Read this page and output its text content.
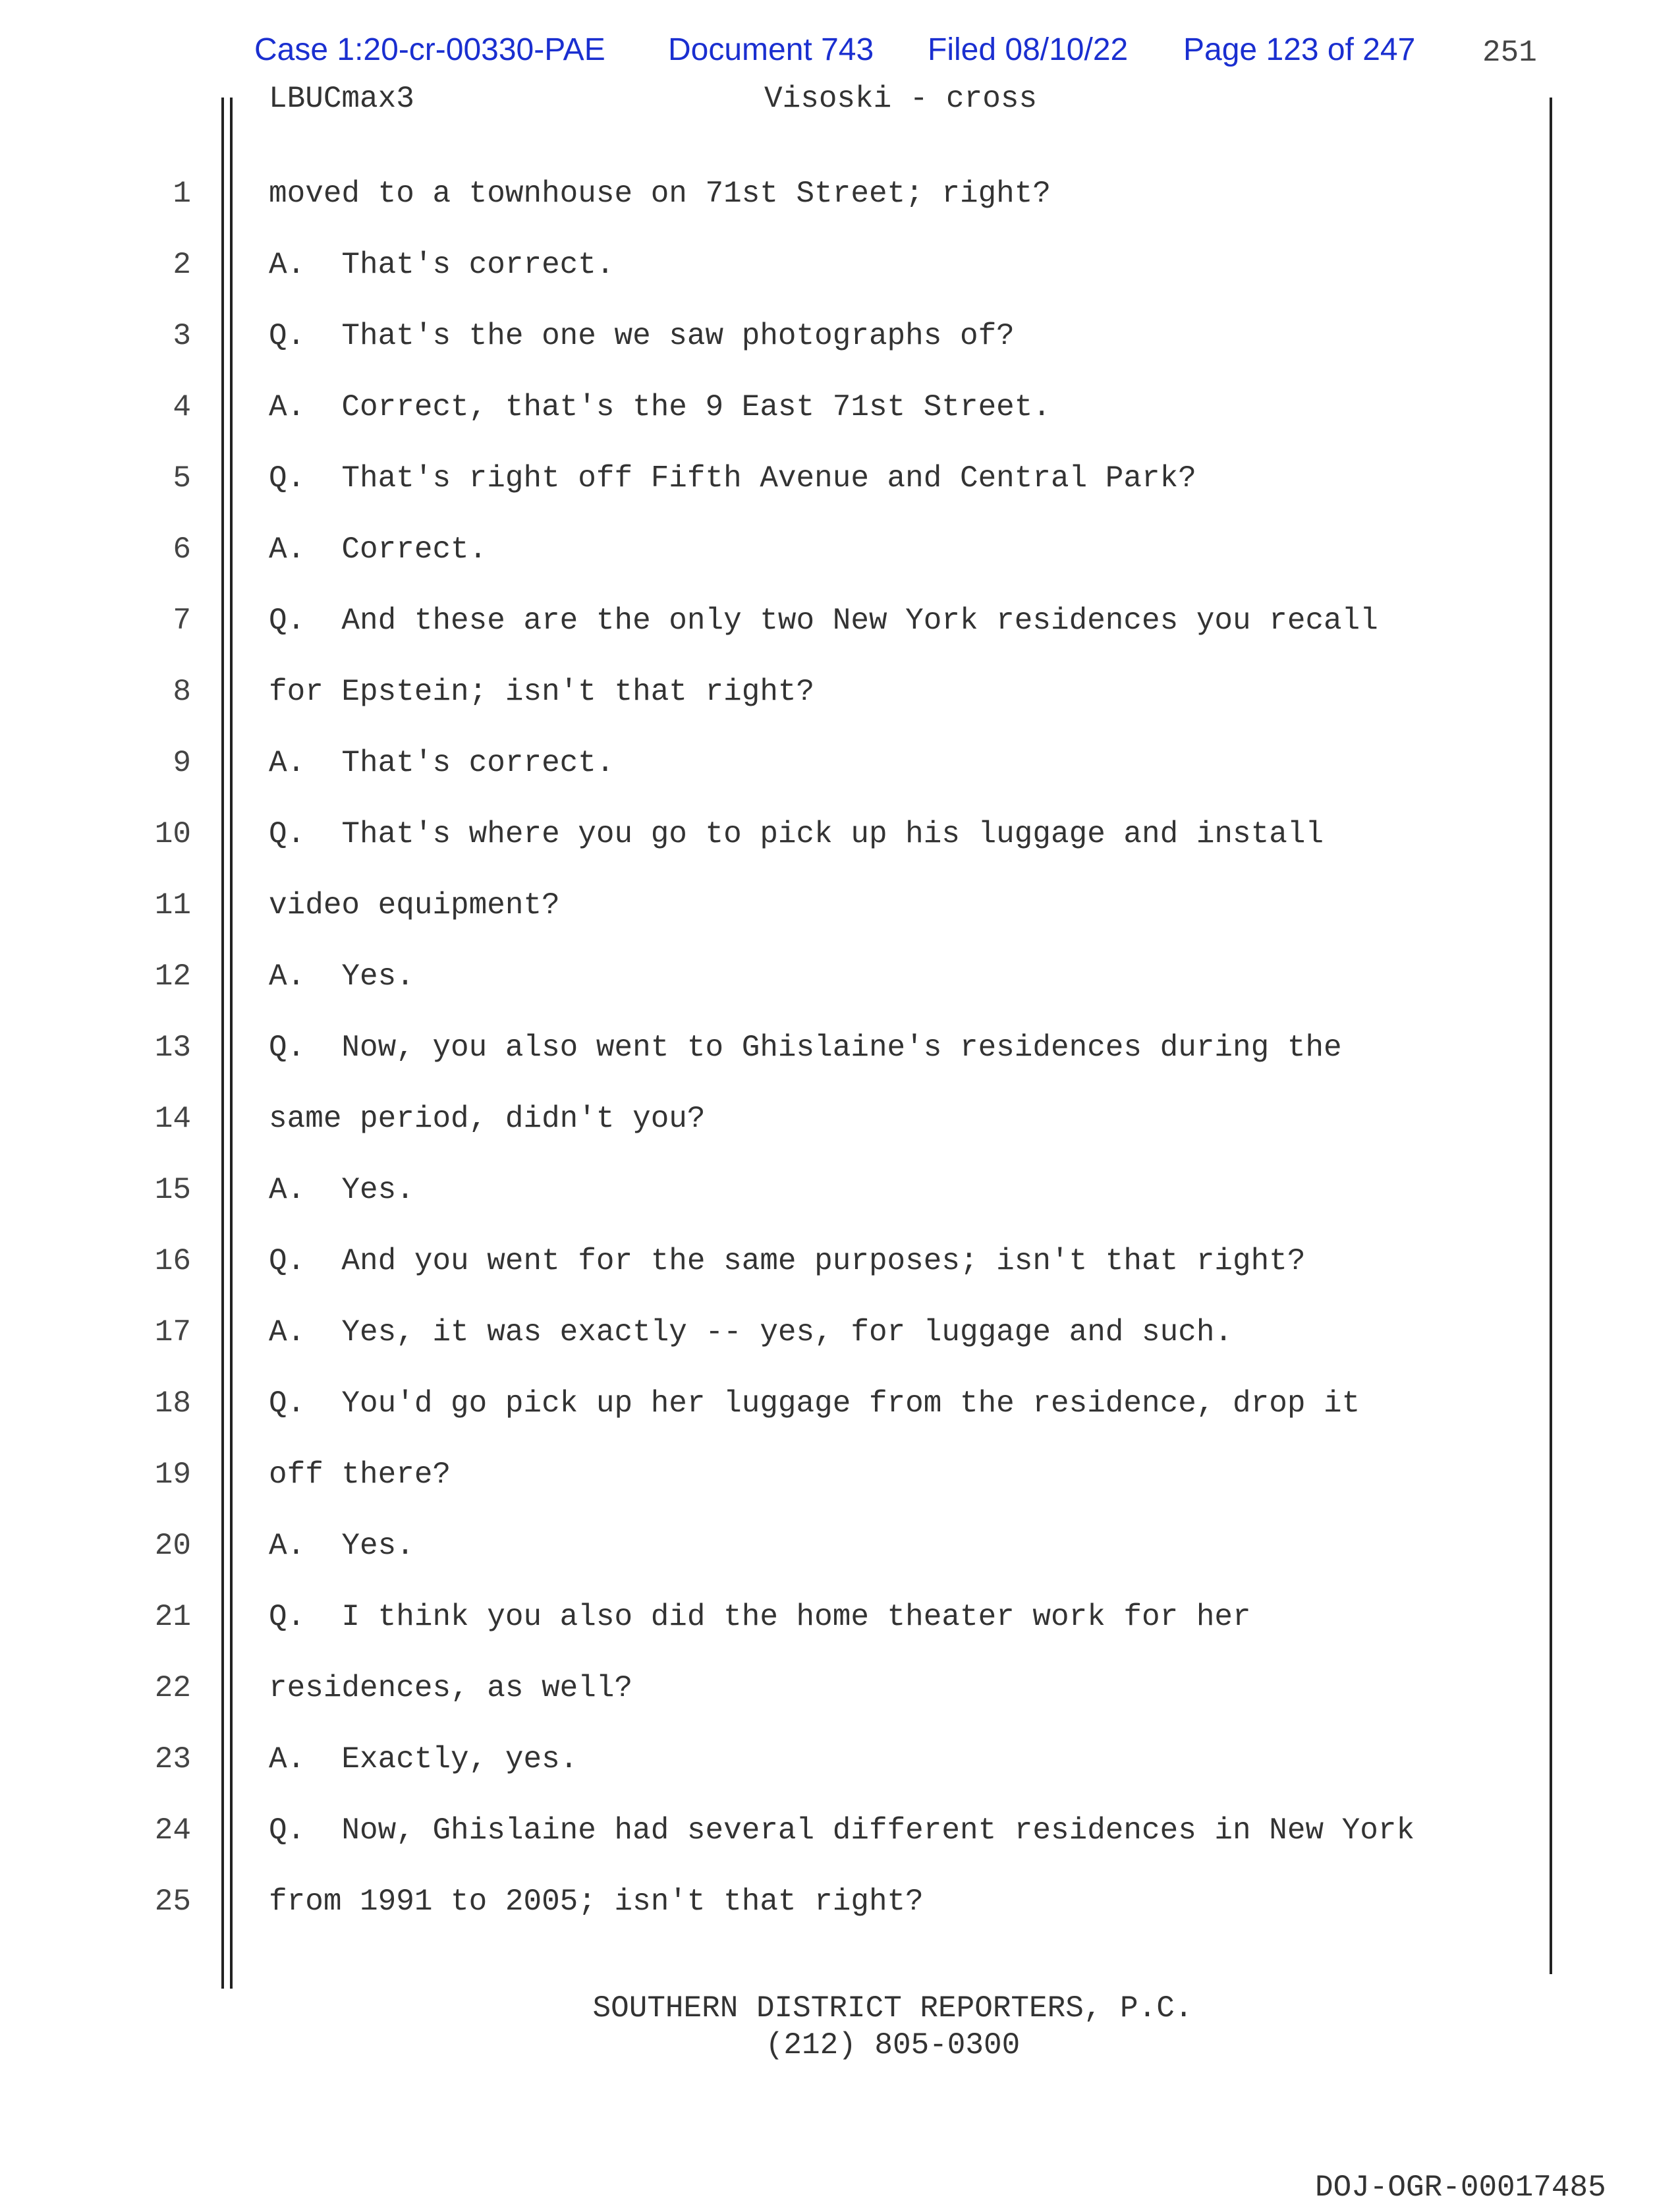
Case 1:20-cr-00330-PAE Document 743 Filed 08/10/22 Page 123 of 247 251
LBUCmax3	Visoski - cross
1	moved to a townhouse on 71st Street; right?
2	A.  That's correct.
3	Q.  That's the one we saw photographs of?
4	A.  Correct, that's the 9 East 71st Street.
5	Q.  That's right off Fifth Avenue and Central Park?
6	A.  Correct.
7	Q.  And these are the only two New York residences you recall
8	for Epstein; isn't that right?
9	A.  That's correct.
10	Q.  That's where you go to pick up his luggage and install
11	video equipment?
12	A.  Yes.
13	Q.  Now, you also went to Ghislaine's residences during the
14	same period, didn't you?
15	A.  Yes.
16	Q.  And you went for the same purposes; isn't that right?
17	A.  Yes, it was exactly -- yes, for luggage and such.
18	Q.  You'd go pick up her luggage from the residence, drop it
19	off there?
20	A.  Yes.
21	Q.  I think you also did the home theater work for her
22	residences, as well?
23	A.  Exactly, yes.
24	Q.  Now, Ghislaine had several different residences in New York
25	from 1991 to 2005; isn't that right?
SOUTHERN DISTRICT REPORTERS, P.C.
(212) 805-0300
DOJ-OGR-00017485
